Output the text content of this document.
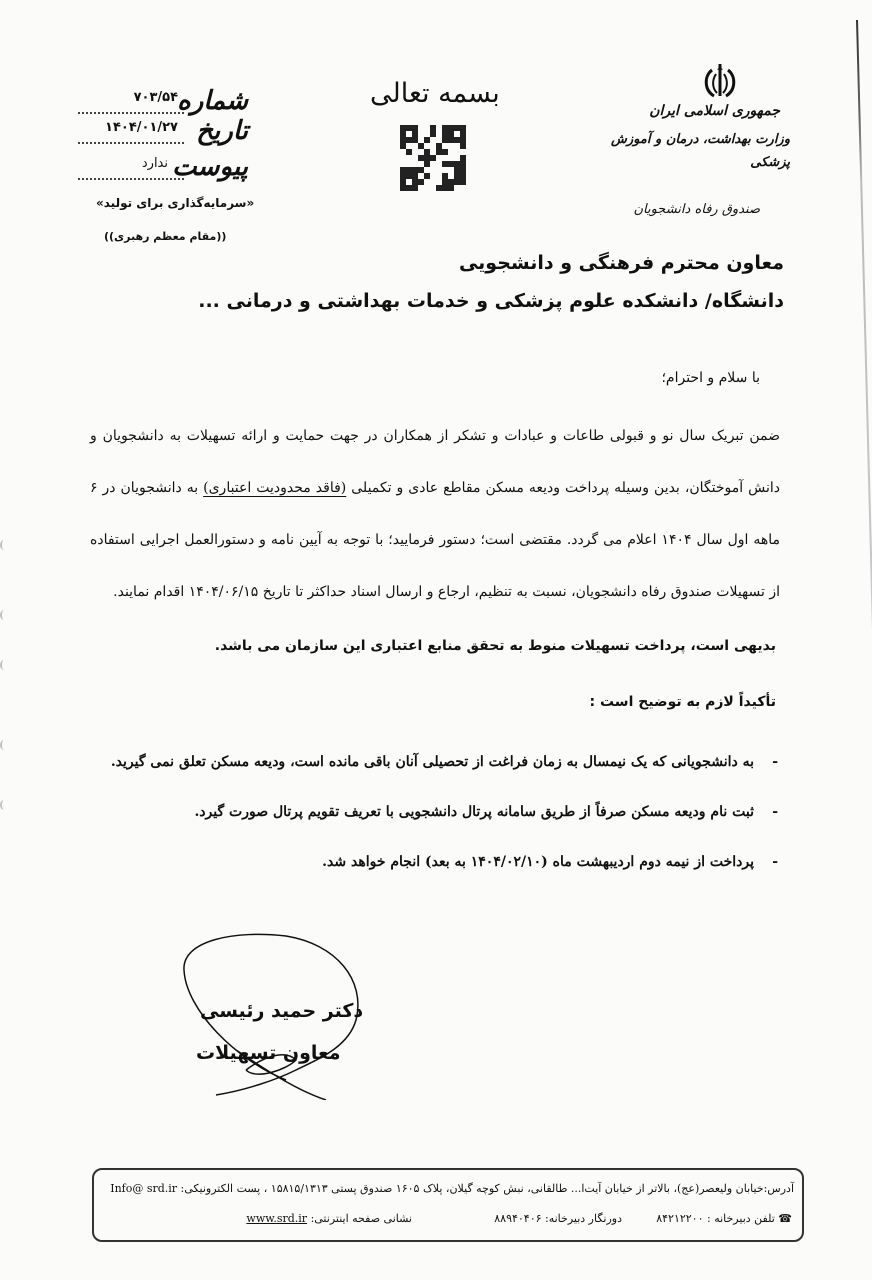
شماره
۷۰۳/۵۴
تاریخ
۱۴۰۴/۰۱/۲۷
پیوست
ندارد
«سرمایه‌گذاری برای تولید»
((مقام معظم رهبری))
بسمه تعالی
جمهوری اسلامی ایران
وزارت بهداشت، درمان و آموزش پزشکی
صندوق رفاه دانشجویان
معاون محترم فرهنگی و دانشجویی
دانشگاه/ دانشکده علوم پزشکی و خدمات بهداشتی و درمانی ...
با سلام و احترام؛
ضمن تبریک سال نو و قبولی طاعات و عبادات و تشکر از همکاران در جهت حمایت و ارائه تسهیلات به دانشجویان و دانش آموختگان، بدین وسیله پرداخت ودیعه مسکن مقاطع عادی و تکمیلی (فاقد محدودیت اعتباری) به دانشجویان در ۶ ماهه اول سال ۱۴۰۴ اعلام می گردد. مقتضی است؛ دستور فرمایید؛ با توجه به آیین نامه و دستورالعمل اجرایی استفاده از تسهیلات صندوق رفاه دانشجویان، نسبت به تنظیم، ارجاع و ارسال اسناد حداکثر تا تاریخ ۱۴۰۴/۰۶/۱۵ اقدام نمایند.
بدیهی است، پرداخت تسهیلات منوط به تحقق منابع اعتباری این سازمان می باشد.
تأکیداً لازم به توضیح است :
-به دانشجویانی که یک نیمسال به زمان فراغت از تحصیلی آنان باقی مانده است، ودیعه مسکن تعلق نمی گیرید.
-ثبت نام ودیعه مسکن صرفاً از طریق سامانه پرتال دانشجویی با تعریف تقویم پرتال صورت گیرد.
-پرداخت از نیمه دوم اردیبهشت ماه (۱۴۰۴/۰۲/۱۰ به بعد) انجام خواهد شد.
دکتر حمید رئیسی
معاون تسهیلات
آدرس:خیابان ولیعصر(عج)، بالاتر از خیابان آیت‌ا... طالقانی، نبش کوچه گیلان، پلاک ۱۶۰۵ صندوق پستی ۱۵۸۱۵/۱۳۱۳ ، پست الکترونیکی: Info@ srd.ir
☎ تلفن دبیرخانه : ۸۴۲۱۲۲۰۰
دورنگار دبیرخانه: ۸۸۹۴۰۴۰۶
نشانی صفحه اینترنتی: www.srd.ir
